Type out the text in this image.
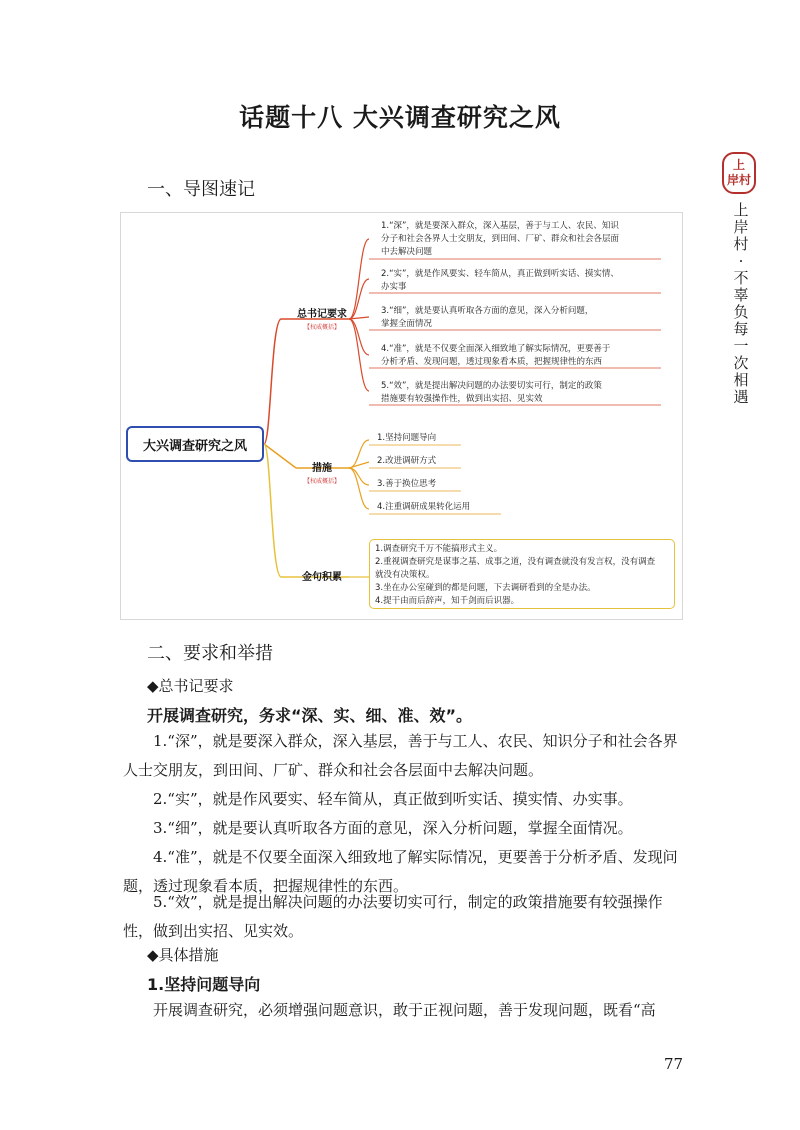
话题十八 大兴调查研究之风
上
岸村
上
岸
村
·
不
辜
负
每
一
次
相
遇
一、导图速记
大兴调查研究之风
总书记要求
【权威概括】
措施
【权威概括】
金句积累
1.“深”，就是要深入群众，深入基层，善于与工人、农民、知识
分子和社会各界人士交朋友，到田间、厂矿、群众和社会各层面
中去解决问题
2.“实”，就是作风要实、轻车简从，真正做到听实话、摸实情、
办实事
3.“细”，就是要认真听取各方面的意见，深入分析问题，
掌握全面情况
4.“准”，就是不仅要全面深入细致地了解实际情况，更要善于
分析矛盾、发现问题，透过现象看本质，把握规律性的东西
5.“效”，就是提出解决问题的办法要切实可行，制定的政策
措施要有较强操作性，做到出实招、见实效
1.坚持问题导向
2.改进调研方式
3.善于换位思考
4.注重调研成果转化运用
1.调查研究千万不能搞形式主义。
2.重视调查研究是谋事之基、成事之道，没有调查就没有发言权，没有调查
就没有决策权。
3.坐在办公室碰到的都是问题，下去调研看到的全是办法。
4.提干由而后辞声，知千剑而后识器。
二、要求和举措
◆总书记要求
开展调查研究，务求“深、实、细、准、效”。
1.“深”，就是要深入群众，深入基层，善于与工人、农民、知识分子和社会各界人士交朋友，到田间、厂矿、群众和社会各层面中去解决问题。
2.“实”，就是作风要实、轻车简从，真正做到听实话、摸实情、办实事。
3.“细”，就是要认真听取各方面的意见，深入分析问题，掌握全面情况。
4.“准”，就是不仅要全面深入细致地了解实际情况，更要善于分析矛盾、发现问题，透过现象看本质，把握规律性的东西。
5.“效”，就是提出解决问题的办法要切实可行，制定的政策措施要有较强操作性，做到出实招、见实效。
◆具体措施
1.坚持问题导向
开展调查研究，必须增强问题意识，敢于正视问题，善于发现问题，既看“高
77
